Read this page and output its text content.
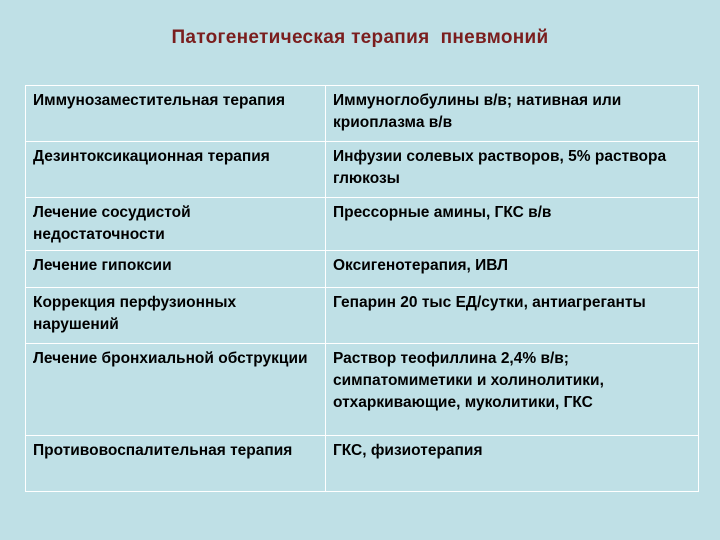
Патогенетическая терапия  пневмоний
Иммунозаместительная терапия	Иммуноглобулины в/в; нативная или криоплазма в/в
Дезинтоксикационная терапия	Инфузии солевых растворов, 5% раствора глюкозы
Лечение сосудистой недостаточности	Прессорные амины, ГКС в/в
Лечение гипоксии	Оксигенотерапия, ИВЛ
Коррекция перфузионных нарушений	Гепарин 20 тыс ЕД/сутки, антиагреганты
Лечение бронхиальной обструкции	Раствор теофиллина 2,4% в/в; симпатомиметики и холинолитики, отхаркивающие, муколитики, ГКС
Противовоспалительная терапия	ГКС, физиотерапия
